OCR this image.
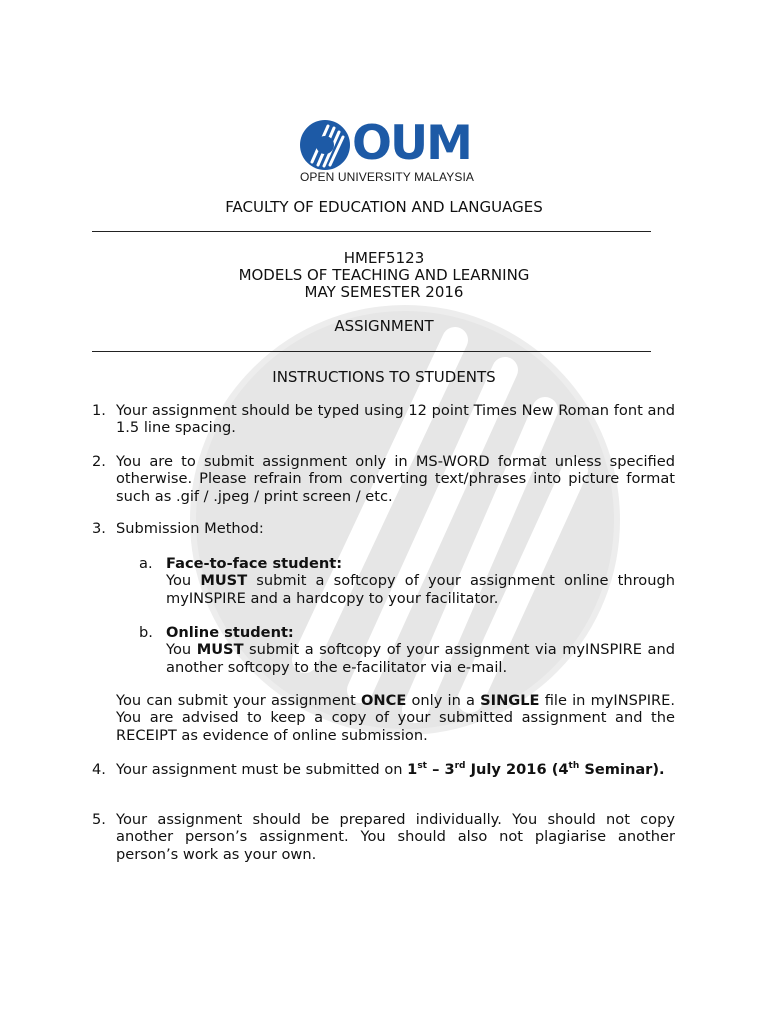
OUM
OPEN UNIVERSITY MALAYSIA
FACULTY OF EDUCATION AND LANGUAGES
HMEF5123
MODELS OF TEACHING AND LEARNING
MAY SEMESTER 2016
ASSIGNMENT
INSTRUCTIONS TO STUDENTS
1. Your assignment should be typed using 12 point Times New Roman font and 1.5 line spacing.
2. You are to submit assignment only in MS-WORD format unless specified otherwise. Please refrain from converting text/phrases into picture format such as .gif / .jpeg / print screen / etc.
3. Submission Method:
a. Face-to-face student:
You MUST submit a softcopy of your assignment online through myINSPIRE and a hardcopy to your facilitator.
b. Online student:
You MUST submit a softcopy of your assignment via myINSPIRE and another softcopy to the e-facilitator via e-mail.
You can submit your assignment ONCE only in a SINGLE file in myINSPIRE. You are advised to keep a copy of your submitted assignment and the RECEIPT as evidence of online submission.
4. Your assignment must be submitted on 1st – 3rd July 2016 (4th Seminar).
5. Your assignment should be prepared individually. You should not copy another person’s assignment. You should also not plagiarise another person’s work as your own.
